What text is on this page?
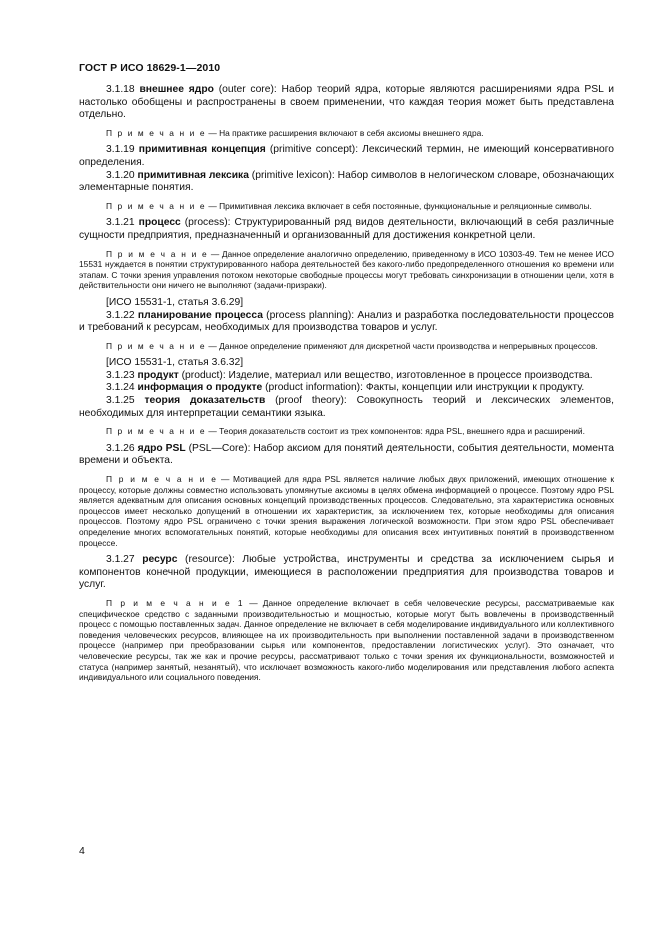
ГОСТ Р ИСО 18629-1—2010

3.1.18 внешнее ядро (outer core): Набор теорий ядра, которые являются расширениями ядра PSL и настолько обобщены и распространены в своем применении, что каждая теория может быть представлена отдельно.

П р и м е ч а н и е — На практике расширения включают в себя аксиомы внешнего ядра.

3.1.19 примитивная концепция (primitive concept): Лексический термин, не имеющий консервативного определения.

3.1.20 примитивная лексика (primitive lexicon): Набор символов в нелогическом словаре, обозначающих элементарные понятия.

П р и м е ч а н и е — Примитивная лексика включает в себя постоянные, функциональные и реляционные символы.

3.1.21 процесс (process): Структурированный ряд видов деятельности, включающий в себя различные сущности предприятия, предназначенный и организованный для достижения конкретной цели.

П р и м е ч а н и е — Данное определение аналогично определению, приведенному в ИСО 10303-49. Тем не менее ИСО 15531 нуждается в понятии структурированного набора деятельностей без какого-либо предопределенного отношения ко времени или этапам. С точки зрения управления потоком некоторые свободные процессы могут требовать синхронизации в отношении цели, хотя в действительности они ничего не выполняют (задачи-призраки).

[ИСО 15531-1, статья 3.6.29]

3.1.22 планирование процесса (process planning): Анализ и разработка последовательности процессов и требований к ресурсам, необходимых для производства товаров и услуг.

П р и м е ч а н и е — Данное определение применяют для дискретной части производства и непрерывных процессов.

[ИСО 15531-1, статья 3.6.32]

3.1.23 продукт (product): Изделие, материал или вещество, изготовленное в процессе производства.

3.1.24 информация о продукте (product information): Факты, концепции или инструкции к продукту.

3.1.25 теория доказательств (proof theory): Совокупность теорий и лексических элементов, необходимых для интерпретации семантики языка.

П р и м е ч а н и е — Теория доказательств состоит из трех компонентов: ядра PSL, внешнего ядра и расширений.

3.1.26 ядро PSL (PSL—Core): Набор аксиом для понятий деятельности, события деятельности, момента времени и объекта.

П р и м е ч а н и е — Мотивацией для ядра PSL является наличие любых двух приложений, имеющих отношение к процессу, которые должны совместно использовать упомянутые аксиомы в целях обмена информацией о процессе. Поэтому ядро PSL является адекватным для описания основных концепций производственных процессов. Следовательно, эта характеристика основных процессов имеет несколько допущений в отношении их характеристик, за исключением тех, которые необходимы для описания процессов. Поэтому ядро PSL ограничено с точки зрения выражения логической возможности. При этом ядро PSL обеспечивает определение многих вспомогательных понятий, которые необходимы для описания всех интуитивных понятий в производственном процессе.

3.1.27 ресурс (resource): Любые устройства, инструменты и средства за исключением сырья и компонентов конечной продукции, имеющиеся в расположении предприятия для производства товаров и услуг.

П р и м е ч а н и е 1 — Данное определение включает в себя человеческие ресурсы, рассматриваемые как специфическое средство с заданными производительностью и мощностью, которые могут быть вовлечены в производственный процесс с помощью поставленных задач. Данное определение не включает в себя моделирование индивидуального или коллективного поведения человеческих ресурсов, влияющее на их производительность при выполнении поставленной задачи в производственном процессе (например при преобразовании сырья или компонентов, предоставлении логистических услуг). Это означает, что человеческие ресурсы, так же как и прочие ресурсы, рассматривают только с точки зрения их функциональности, возможностей и статуса (например занятый, незанятый), что исключает возможность какого-либо моделирования или представления любого аспекта индивидуального или социального поведения.

4
